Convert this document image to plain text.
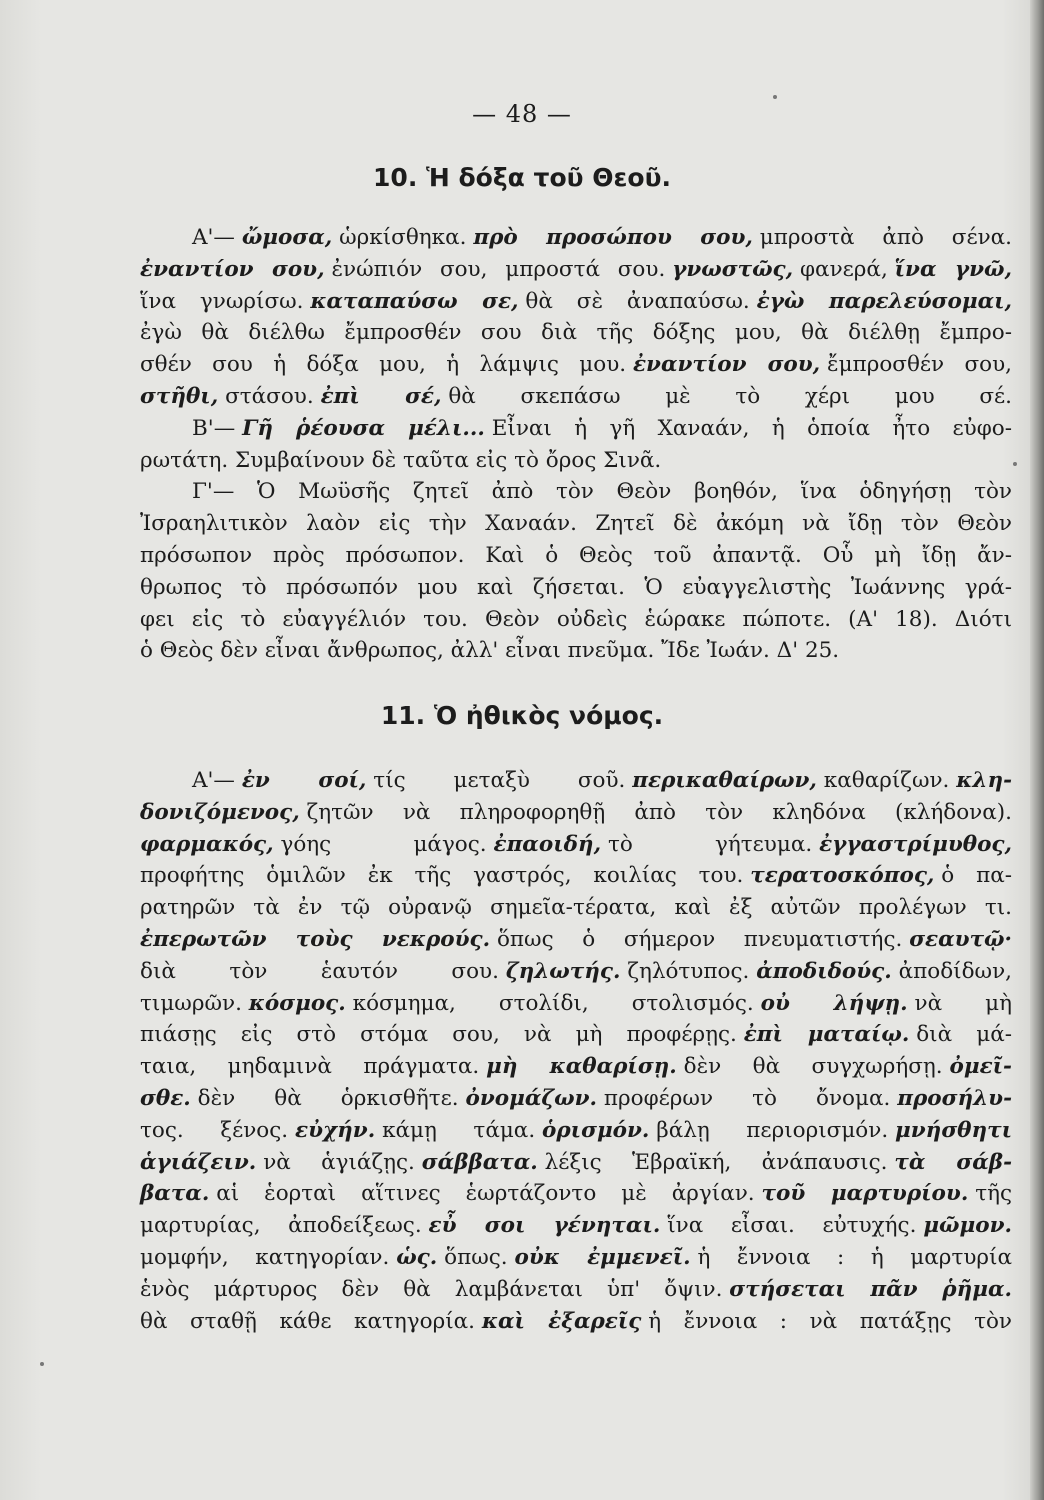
— 48 —
10. Ἡ δόξα τοῦ Θεοῦ.
Α'— ὤμοσα, ὡρκίσθηκα. πρὸ προσώπου σου, μπροστὰ ἀπὸ σένα.
ἐναντίον σου, ἐνώπιόν σου, μπροστά σου. γνωστῶς, φανερά, ἵνα γνῶ,
ἵνα γνωρίσω. καταπαύσω σε, θὰ σὲ ἀναπαύσω. ἐγὼ παρελεύσομαι,
ἐγὼ θὰ διέλθω ἔμπροσθέν σου διὰ τῆς δόξης μου, θὰ διέλθῃ ἔμπρο-
σθέν σου ἡ δόξα μου, ἡ λάμψις μου. ἐναντίον σου, ἔμπροσθέν σου,
στῆθι, στάσου. ἐπὶ σέ, θὰ σκεπάσω μὲ τὸ χέρι μου σέ.
Β'— Γῆ ῥέουσα μέλι... Εἶναι ἡ γῆ Χαναάν, ἡ ὁποία ἦτο εὐφο-
ρωτάτη. Συμβαίνουν δὲ ταῦτα εἰς τὸ ὄρος Σινᾶ.
Γ'— Ὁ Μωϋσῆς ζητεῖ ἀπὸ τὸν Θεὸν βοηθόν, ἵνα ὁδηγήσῃ τὸν
Ἰσραηλιτικὸν λαὸν εἰς τὴν Χαναάν. Ζητεῖ δὲ ἀκόμη νὰ ἴδῃ τὸν Θεὸν
πρόσωπον πρὸς πρόσωπον. Καὶ ὁ Θεὸς τοῦ ἀπαντᾷ. Οὗ μὴ ἴδῃ ἄν-
θρωπος τὸ πρόσωπόν μου καὶ ζήσεται. Ὁ εὐαγγελιστὴς Ἰωάννης γρά-
φει εἰς τὸ εὐαγγέλιόν του. Θεὸν οὐδεὶς ἑώρακε πώποτε. (Α' 18). Διότι
ὁ Θεὸς δὲν εἶναι ἄνθρωπος, ἀλλ' εἶναι πνεῦμα. Ἴδε Ἰωάν. Δ' 25.
11. Ὁ ἠθικὸς νόμος.
Α'— ἐν σοί, τίς μεταξὺ σοῦ. περικαθαίρων, καθαρίζων. κλη-
δονιζόμενος, ζητῶν νὰ πληροφορηθῇ ἀπὸ τὸν κληδόνα (κλήδονα).
φαρμακός, γόης μάγος. ἐπαοιδή, τὸ γήτευμα. ἐγγαστρίμυθος,
προφήτης ὁμιλῶν ἐκ τῆς γαστρός, κοιλίας του. τερατοσκόπος, ὁ πα-
ρατηρῶν τὰ ἐν τῷ οὐρανῷ σημεῖα-τέρατα, καὶ ἐξ αὐτῶν προλέγων τι.
ἐπερωτῶν τοὺς νεκρούς. ὅπως ὁ σήμερον πνευματιστής. σεαυτῷ·
διὰ τὸν ἑαυτόν σου. ζηλωτής. ζηλότυπος. ἀποδιδούς. ἀποδίδων,
τιμωρῶν. κόσμος. κόσμημα, στολίδι, στολισμός. οὐ λήψῃ. νὰ μὴ
πιάσῃς εἰς στὸ στόμα σου, νὰ μὴ προφέρῃς. ἐπὶ ματαίῳ. διὰ μά-
ταια, μηδαμινὰ πράγματα. μὴ καθαρίσῃ. δὲν θὰ συγχωρήσῃ. ὀμεῖ-
σθε. δὲν θὰ ὁρκισθῆτε. ὀνομάζων. προφέρων τὸ ὄνομα. προσήλυ-
τος. ξένος. εὐχήν. κάμῃ τάμα. ὁρισμόν. βάλῃ περιορισμόν. μνήσθητι
ἁγιάζειν. νὰ ἁγιάζῃς. σάββατα. λέξις Ἑβραϊκή, ἀνάπαυσις. τὰ σάβ-
βατα. αἱ ἑορταὶ αἵτινες ἑωρτάζοντο μὲ ἀργίαν. τοῦ μαρτυρίου. τῆς
μαρτυρίας, ἀποδείξεως. εὖ σοι γένηται. ἵνα εἶσαι. εὐτυχής. μῶμον.
μομφήν, κατηγορίαν. ὡς. ὅπως. οὐκ ἐμμενεῖ. ἡ ἔννοια : ἡ μαρτυρία
ἑνὸς μάρτυρος δὲν θὰ λαμβάνεται ὑπ' ὄψιν. στήσεται πᾶν ῥῆμα.
θὰ σταθῇ κάθε κατηγορία. καὶ ἐξαρεῖς ἡ ἔννοια : νὰ πατάξῃς τὸν
